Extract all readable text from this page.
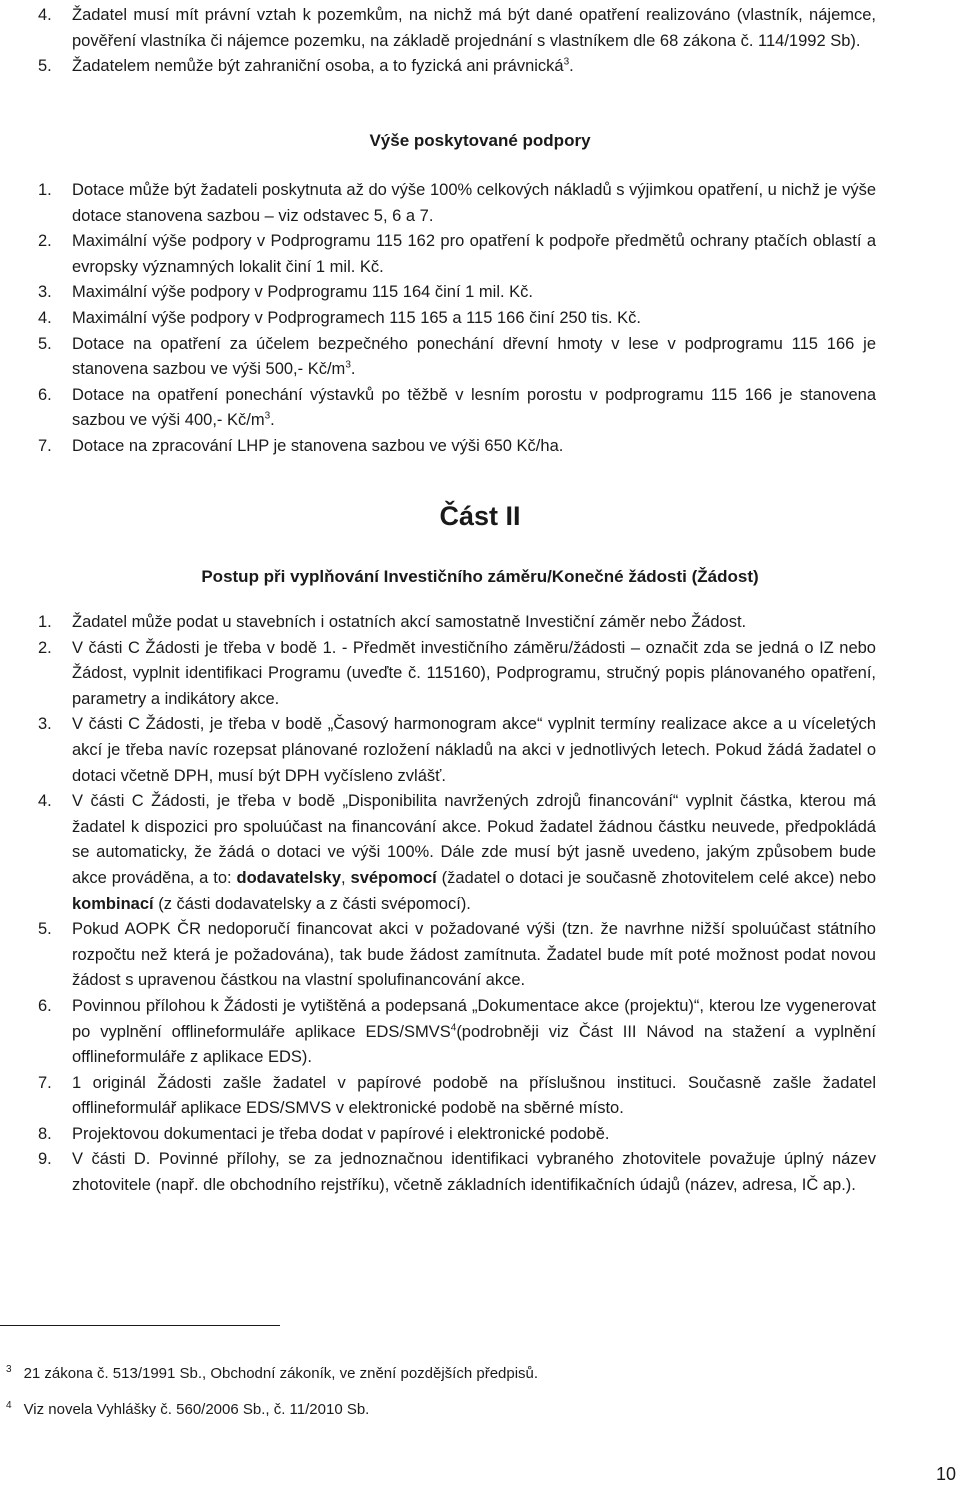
4.	Žadatel musí mít právní vztah k pozemkům, na nichž má být dané opatření realizováno (vlastník, nájemce, pověření vlastníka či nájemce pozemku, na základě projednání s vlastníkem dle 68 zákona č. 114/1992 Sb).
5.	Žadatelem nemůže být zahraniční osoba, a to fyzická ani právnická$^3$.
Výše poskytované podpory
1.	Dotace může být žadateli poskytnuta až do výše 100% celkových nákladů s výjimkou opatření, u nichž je výše dotace stanovena sazbou – viz odstavec 5, 6 a 7.
2.	Maximální výše podpory v Podprogramu 115 162 pro opatření k podpoře předmětů ochrany ptačích oblastí a evropsky významných lokalit činí 1 mil. Kč.
3.	Maximální výše podpory v Podprogramu 115 164 činí 1 mil. Kč.
4.	Maximální výše podpory v Podprogramech 115 165 a 115 166 činí 250 tis. Kč.
5.	Dotace na opatření za účelem bezpečného ponechání dřevní hmoty v lese v podprogramu 115 166 je stanovena sazbou ve výši 500,- $Kč/m^3$.
6.	Dotace na opatření ponechání výstavků po těžbě v lesním porostu v podprogramu 115 166 je stanovena sazbou ve výši 400,- $Kč/m^3$.
7.	Dotace na zpracování LHP je stanovena sazbou ve výši 650 Kč/ha.
Část II
Postup při vyplňování Investičního záměru/Konečné žádosti (Žádost)
1.	Žadatel může podat u stavebních i ostatních akcí samostatně Investiční záměr nebo Žádost.
2.	V části C Žádosti je třeba v bodě 1. - Předmět investičního záměru/žádosti – označit zda se jedná o IZ nebo Žádost, vyplnit identifikaci Programu (uveďte č. 115160), Podprogramu, stručný popis plánovaného opatření, parametry a indikátory akce.
3.	V části C Žádosti, je třeba v bodě „Časový harmonogram akce“ vyplnit termíny realizace akce a u víceletých akcí je třeba navíc rozepsat plánované rozložení nákladů na akci v jednotlivých letech. Pokud žádá žadatel o dotaci včetně DPH, musí být DPH vyčísleno zvlášť.
4.	V části C Žádosti, je třeba v bodě „Disponibilita navržených zdrojů financování“ vyplnit částka, kterou má žadatel k dispozici pro spoluúčast na financování akce. Pokud žadatel žádnou částku neuvede, předpokládá se automaticky, že žádá o dotaci ve výši 100%. Dále zde musí být jasně uvedeno, jakým způsobem bude akce prováděna, a to: dodavatelsky, svépomocí (žadatel o dotaci je současně zhotovitelem celé akce) nebo kombinací (z části dodavatelsky a z části svépomocí).
5.	Pokud AOPK ČR nedoporučí financovat akci v požadované výši (tzn. že navrhne nižší spoluúčast státního rozpočtu než která je požadována), tak bude žádost zamítnuta. Žadatel bude mít poté možnost podat novou žádost s upravenou částkou na vlastní spolufinancování akce.
6.	Povinnou přílohou k Žádosti je vytištěná a podepsaná „Dokumentace akce (projektu)“, kterou lze vygenerovat po vyplnění offlineformuláře aplikace EDS/SMVS$^4$(podrobněji viz Část III Návod na stažení a vyplnění offlineformuláře z aplikace EDS).
7.	1 originál Žádosti zašle žadatel v papírové podobě na příslušnou instituci. Současně zašle žadatel offlineformulář aplikace EDS/SMVS v elektronické podobě na sběrné místo.
8.	Projektovou dokumentaci je třeba dodat v papírové i elektronické podobě.
9.	V části D. Povinné přílohy, se za jednoznačnou identifikaci vybraného zhotovitele považuje úplný název zhotovitele (např. dle obchodního rejstříku), včetně základních identifikačních údajů (název, adresa, IČ ap.).
$^3$ 21 zákona č. 513/1991 Sb., Obchodní zákoník, ve znění pozdějších předpisů.
$^4$ Viz novela Vyhlášky č. 560/2006 Sb., č. 11/2010 Sb.
10
